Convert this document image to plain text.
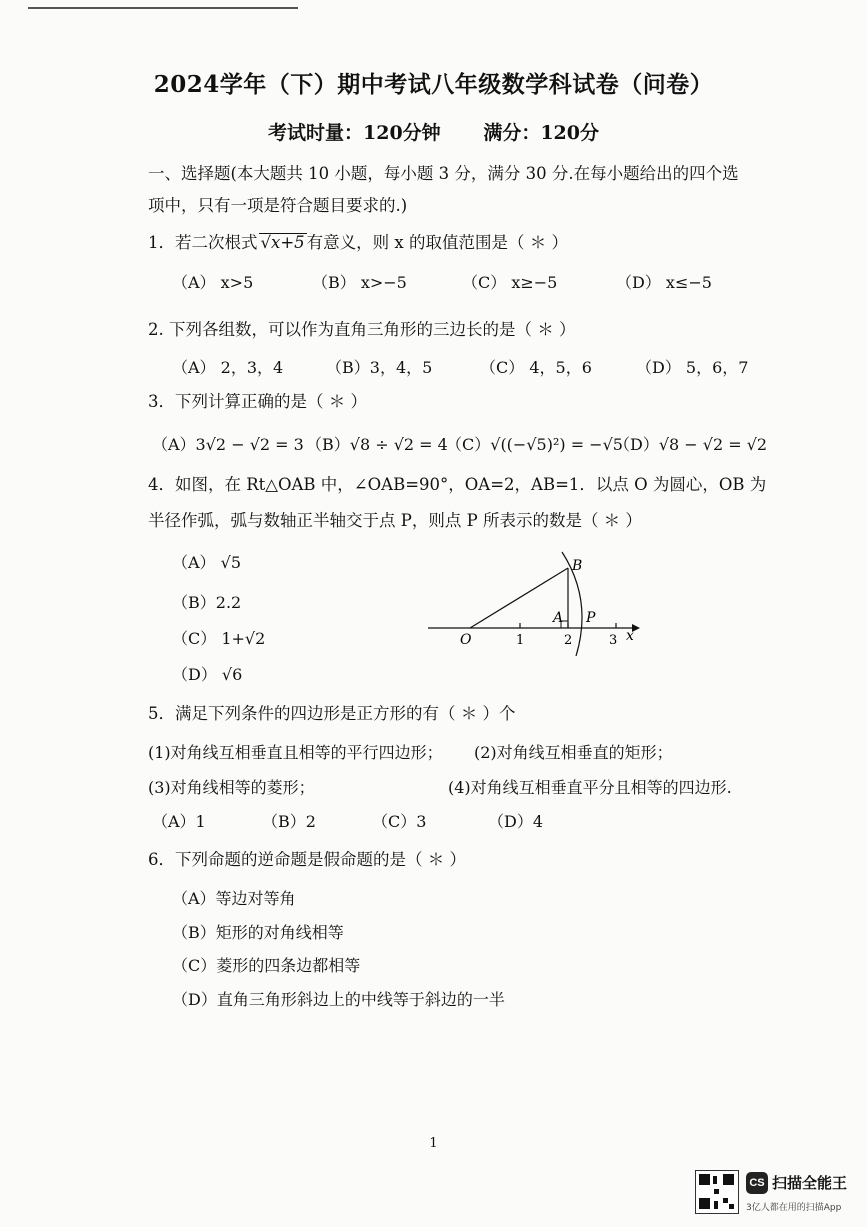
2024学年（下）期中考试八年级数学科试卷（问卷）
考试时量：120分钟 满分：120分
一、选择题(本大题共 10 小题，每小题 3 分，满分 30 分.在每小题给出的四个选
项中，只有一项是符合题目要求的.)
1．若二次根式 √x+5 有意义，则 x 的取值范围是（ ＊ ）
（A） x>5	（B） x>−5	（C） x≥−5	（D） x≤−5
2. 下列各组数，可以作为直角三角形的三边长的是（ ＊ ）
（A） 2，3，4	（B）3，4，5	（C） 4，5，6	（D） 5，6，7
3．下列计算正确的是（ ＊ ）
（A）3√2 − √2 = 3 （B）√8 ÷ √2 = 4
（C）√((−√5)²) = −√5
（D）√8 − √2 = √2
4．如图，在 Rt△OAB 中，∠OAB=90°，OA=2，AB=1．以点 O 为圆心，OB 为
半径作弧，弧与数轴正半轴交于点 P，则点 P 所表示的数是（ ＊ ）
（A） √5
（B）2.2
（C） 1+√2
（D） √6
O
A
B
P
1	2	3 x
5．满足下列条件的四边形是正方形的有（ ＊ ）个
(1)对角线互相垂直且相等的平行四边形； (2)对角线互相垂直的矩形；
(3)对角线相等的菱形；	(4)对角线互相垂直平分且相等的四边形.
（A）1	（B）2	（C）3	（D）4
6．下列命题的逆命题是假命题的是（ ＊ ）
（A）等边对等角
（B）矩形的对角线相等
（C）菱形的四条边都相等
（D）直角三角形斜边上的中线等于斜边的一半
1
CS 扫描全能王
3亿人都在用的扫描App
